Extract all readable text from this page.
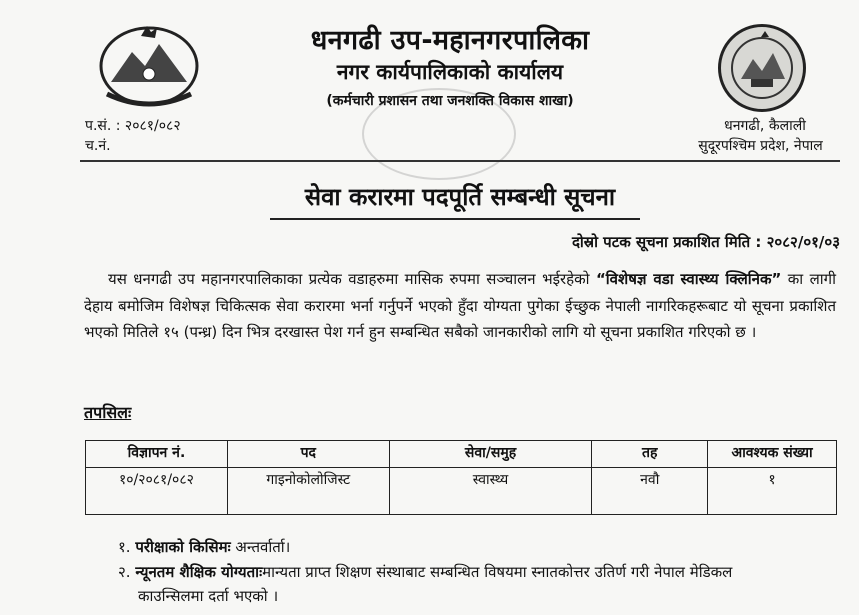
धनगढी उप-महानगरपालिका
नगर कार्यपालिकाको कार्यालय
(कर्मचारी प्रशासन तथा जनशक्ति विकास शाखा)
प.सं. : २०८१/०८२
च.नं.
धनगढी, कैलाली
सुदूरपश्चिम प्रदेश, नेपाल
सेवा करारमा पदपूर्ति सम्बन्धी सूचना
दोस्रो पटक सूचना प्रकाशित मिति : २०८२/०१/०३
यस धनगढी उप महानगरपालिकाका प्रत्येक वडाहरुमा मासिक रुपमा सञ्चालन भईरहेको “विशेषज्ञ वडा स्वास्थ्य क्लिनिक” का लागी देहाय बमोजिम विशेषज्ञ चिकित्सक सेवा करारमा भर्ना गर्नुपर्ने भएको हुँदा योग्यता पुगेका ईच्छुक नेपाली नागरिकहरूबाट यो सूचना प्रकाशित भएको मितिले १५ (पन्ध्र) दिन भित्र दरखास्त पेश गर्न हुन सम्बन्धित सबैको जानकारीको लागि यो सूचना प्रकाशित गरिएको छ ।
तपसिलः
विज्ञापन नं.	पद	सेवा/समुह	तह	आवश्यक संख्या
१०/२०८१/०८२	गाइनोकोलोजिस्ट	स्वास्थ्य	नवौ	१
१. परीक्षाको किसिमः अन्तर्वार्ता।
२. न्यूनतम शैक्षिक योग्यताःमान्यता प्राप्त शिक्षण संस्थाबाट सम्बन्धित विषयमा स्नातकोत्तर उतिर्ण गरी नेपाल मेडिकल
काउन्सिलमा दर्ता भएको ।
